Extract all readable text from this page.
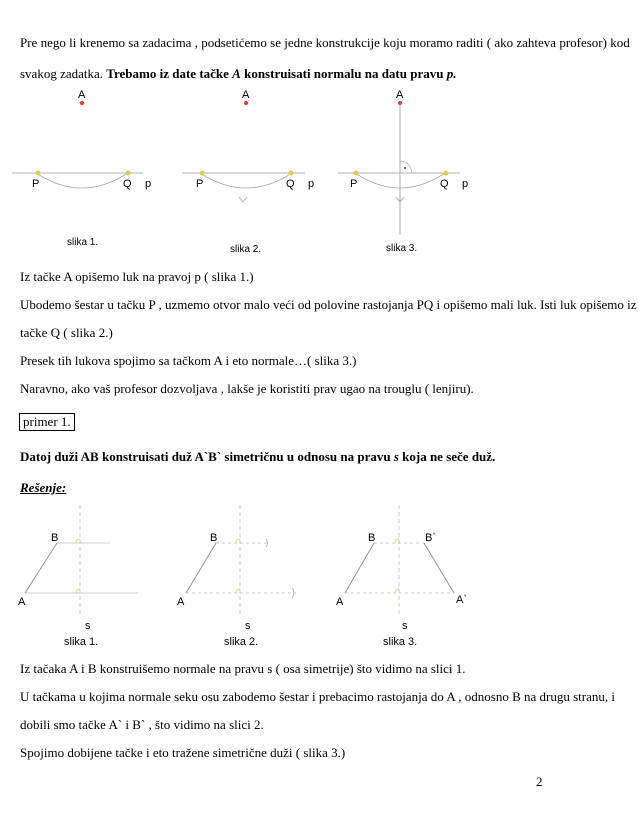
Pre nego li krenemo sa zadacima , podsetićemo se jedne konstrukcije koju moramo raditi ( ako zahteva profesor) kod
svakog zadatka. Trebamo iz date tačke A konstruisati normalu na datu pravu p.
A
P	Q p
slika 1.
A
P	Q p
slika 2.
A
P	Q p
slika 3.
Iz tačke A opišemo luk na pravoj p ( slika 1.)
Ubodemo šestar u tačku P , uzmemo otvor malo veći od polovine rastojanja PQ i opišemo mali luk. Isti luk opišemo iz
tačke Q ( slika 2.)
Presek tih lukova spojimo sa tačkom A i eto normale…( slika 3.)
Naravno, ako vaš profesor dozvoljava , lakše je koristiti prav ugao na trouglu ( lenjiru).
primer 1.
Datoj duži AB konstruisati duž A`B` simetričnu u odnosu na pravu s koja ne seče duž.
Rešenje:
B
A
s
slika 1.
B
A
s
slika 2.
B	B`
A	A`
s
slika 3.
Iz tačaka A i B konstruišemo normale na pravu s ( osa simetrije) što vidimo na slici 1.
U tačkama u kojima normale seku osu zabodemo šestar i prebacimo rastojanja do A , odnosno B na drugu stranu, i
dobili smo tačke A` i B` , što vidimo na slici 2.
Spojimo dobijene tačke i eto tražene simetrične duži ( slika 3.)
2
